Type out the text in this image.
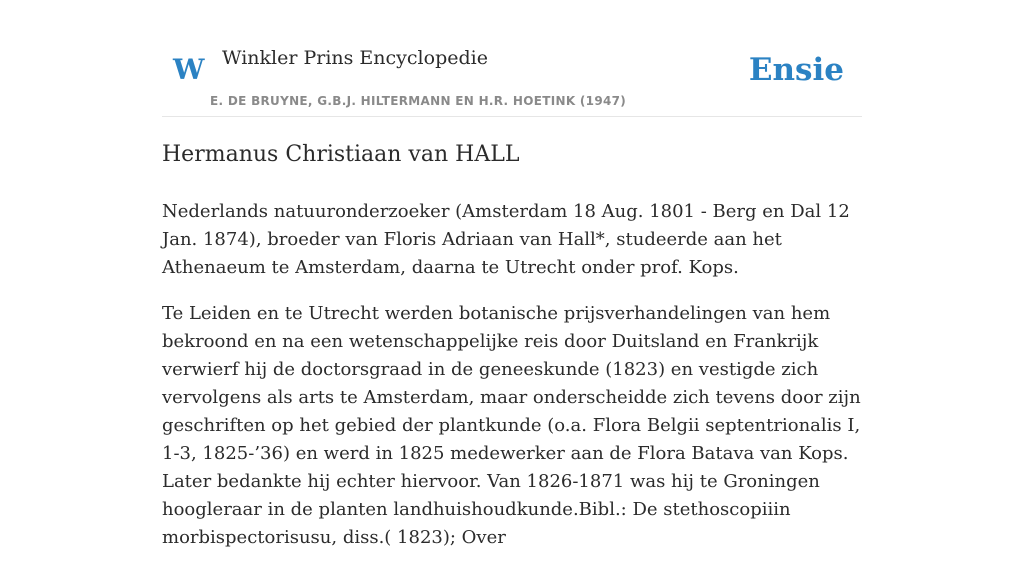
W Winkler Prins Encyclopedie
E. DE BRUYNE, G.B.J. HILTERMANN EN H.R. HOETINK (1947)
Ensie
Hermanus Christiaan van HALL

Nederlands natuuronderzoeker (Amsterdam 18 Aug. 1801 - Berg en Dal 12 Jan. 1874), broeder van Floris Adriaan van Hall*, studeerde aan het Athenaeum te Amsterdam, daarna te Utrecht onder prof. Kops.

Te Leiden en te Utrecht werden botanische prijsverhandelingen van hem bekroond en na een wetenschappelijke reis door Duitsland en Frankrijk verwierf hij de doctorsgraad in de geneeskunde (1823) en vestigde zich vervolgens als arts te Amsterdam, maar onderscheidde zich tevens door zijn geschriften op het gebied der plantkunde (o.a. Flora Belgii septentrionalis I, 1-3, 1825-’36) en werd in 1825 medewerker aan de Flora Batava van Kops. Later bedankte hij echter hiervoor. Van 1826-1871 was hij te Groningen hoogleraar in de planten landhuishoudkunde.Bibl.: De stethoscopiiin morbispectorisusu, diss.( 1823); Over
